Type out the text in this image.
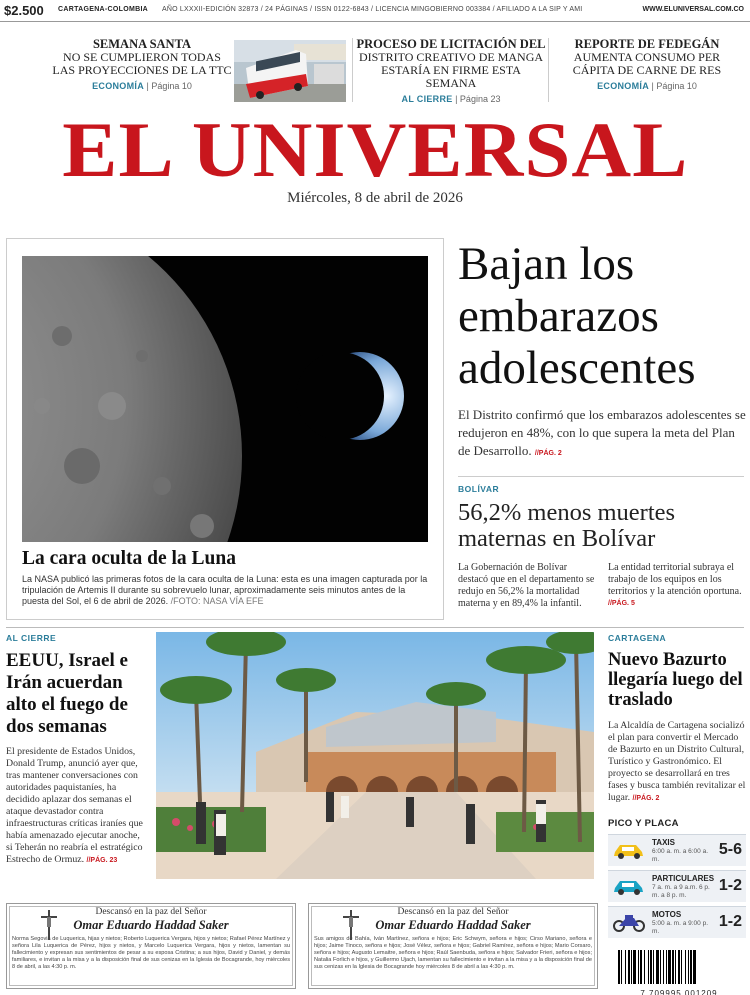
$2.500 CARTAGENA-COLOMBIA AÑO LXXXII-EDICIÓN 32873 / 24 PÁGINAS / ISSN 0122-6843 / LICENCIA MINGOBIERNO 003384 / AFILIADO A LA SIP Y AMI	WWW.ELUNIVERSAL.COM.CO
SEMANA SANTA
NO SE CUMPLIERON TODAS
LAS PROYECCIONES DE LA TTC
ECONOMÍA | Página 10
PROCESO DE LICITACIÓN DEL
DISTRITO CREATIVO DE MANGA
ESTARÍA EN FIRME ESTA SEMANA
AL CIERRE | Página 23
REPORTE DE FEDEGÁN
AUMENTA CONSUMO PER
CÁPITA DE CARNE DE RES
ECONOMÍA | Página 10
EL UNIVERSAL
Miércoles, 8 de abril de 2026
La cara oculta de la Luna
La NASA publicó las primeras fotos de la cara oculta de la Luna: esta es una imagen capturada por la tripulación de Artemis II durante su sobrevuelo lunar, aproximadamente seis minutos antes de la puesta del Sol, el 6 de abril de 2026. /FOTO: NASA VÍA EFE
Bajan los
embarazos
adolescentes
El Distrito confirmó que los embarazos adolescentes se redujeron en 48%, con lo que supera la meta del Plan de Desarrollo. //PÁG. 2
BOLÍVAR
56,2% menos muertes maternas en Bolívar
La Gobernación de Bolívar destacó que en el departamento se redujo en 56,2% la mortalidad materna y en 89,4% la infantil.
La entidad territorial subraya el trabajo de los equipos en los territorios y la atención oportuna.
//PÁG. 5
AL CIERRE
EEUU, Israel e Irán acuerdan alto el fuego de dos semanas
El presidente de Estados Unidos, Donald Trump, anunció ayer que, tras mantener conversaciones con autoridades paquistaníes, ha decidido aplazar dos semanas el ataque devastador contra infraestructuras críticas iraníes que había amenazado ejecutar anoche, si Teherán no reabría el estratégico Estrecho de Ormuz. //PÁG. 23
CARTAGENA
Nuevo Bazurto llegaría luego del traslado
La Alcaldía de Cartagena socializó el plan para convertir el Mercado de Bazurto en un Distrito Cultural, Turístico y Gastronómico. El proyecto se desarrollará en tres fases y busca también revitalizar el lugar. //PÁG. 2
PICO Y PLACA
TAXIS
6:00 a. m. a 6:00 a. m.
5-6
PARTICULARES
7 a. m. a 9 a.m. 6 p. m. a 8 p. m.
1-2
MOTOS
5:00 a. m. a 9:00 p. m.
1-2
Descansó en la paz del Señor
Omar Eduardo Haddad Saker
Norma Segovia de Luquerica, hijas y nietos; Roberto Luquerica Vergara, hijos y nietos; Rafael Pérez Martínez y señora Lila Luquerica de Pérez, hijos y nietos, y Marcelo Luquerica Vergara, hijos y nietos, lamentan su fallecimiento y expresan sus sentimientos de pesar a su esposa Cristina; a sus hijos, David y Daniel, y demás familiares, e invitan a la misa y a la disposición final de sus cenizas en la Iglesia de Bocagrande, hoy miércoles 8 de abril, a las 4:30 p. m.
Descansó en la paz del Señor
Omar Eduardo Haddad Saker
Sus amigos de Bahía, Iván Martínez, señora e hijos; Eric Schwym, señora e hijos; Cirso Mariano, señora e hijos; Jaime Tinoco, señora e hijos; José Vélez, señora e hijos; Gabriel Ramírez, señora e hijos; Mario Corsaro, señora e hijos; Augusto Lemaitre, señora e hijos; Raúl Saenbuda, señora e hijos; Salvador Frieri, señora e hijos; Natalia Forlich e hijos, y Guillermo Ujach, lamentan su fallecimiento e invitan a la misa y a la disposición final de sus cenizas en la Iglesia de Bocagrande hoy miércoles 8 de abril a las 4:30 p. m.
7 709995 001209
